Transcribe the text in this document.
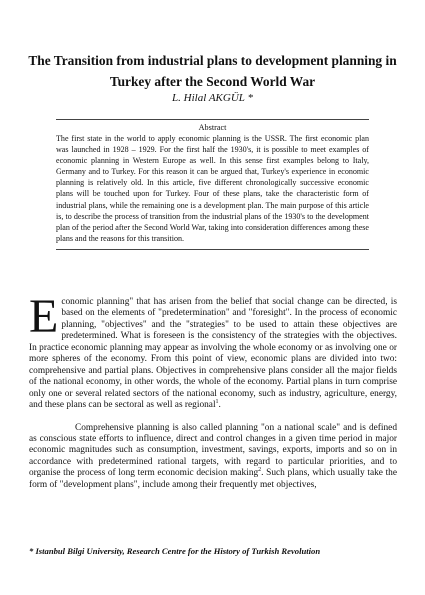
The Transition from industrial plans to development planning in Turkey after the Second World War
L. Hilal AKGÜL *
Abstract

The first state in the world to apply economic planning is the USSR. The first economic plan was launched in 1928 – 1929. For the first half the 1930's, it is possible to meet examples of economic planning in Western Europe as well. In this sense first examples belong to Italy, Germany and to Turkey. For this reason it can be argued that, Turkey's experience in economic planning is relatively old. In this article, five different chronologically successive economic plans will be touched upon for Turkey. Four of these plans, take the characteristic form of industrial plans, while the remaining one is a development plan. The main purpose of this article is, to describe the process of transition from the industrial plans of the 1930's to the development plan of the period after the Second World War, taking into consideration differences among these plans and the reasons for this transition.

Economic planning" that has arisen from the belief that social change can be directed, is based on the elements of "predetermination" and "foresight". In the process of economic planning, "objectives" and the "strategies" to be used to attain these objectives are predetermined. What is foreseen is the consistency of the strategies with the objectives. In practice economic planning may appear as involving the whole economy or as involving one or more spheres of the economy. From this point of view, economic plans are divided into two: comprehensive and partial plans. Objectives in comprehensive plans consider all the major fields of the national economy, in other words, the whole of the economy. Partial plans in turn comprise only one or several related sectors of the national economy, such as industry, agriculture, energy, and these plans can be sectoral as well as regional$^1$.

Comprehensive planning is also called planning "on a national scale" and is defined as conscious state efforts to influence, direct and control changes in a given time period in major economic magnitudes such as consumption, investment, savings, exports, imports and so on in accordance with predetermined rational targets, with regard to particular priorities, and to organise the process of long term economic decision making$^2$. Such plans, which usually take the form of "development plans", include among their frequently met objectives,

* Istanbul Bilgi University, Research Centre for the History of Turkish Revolution
